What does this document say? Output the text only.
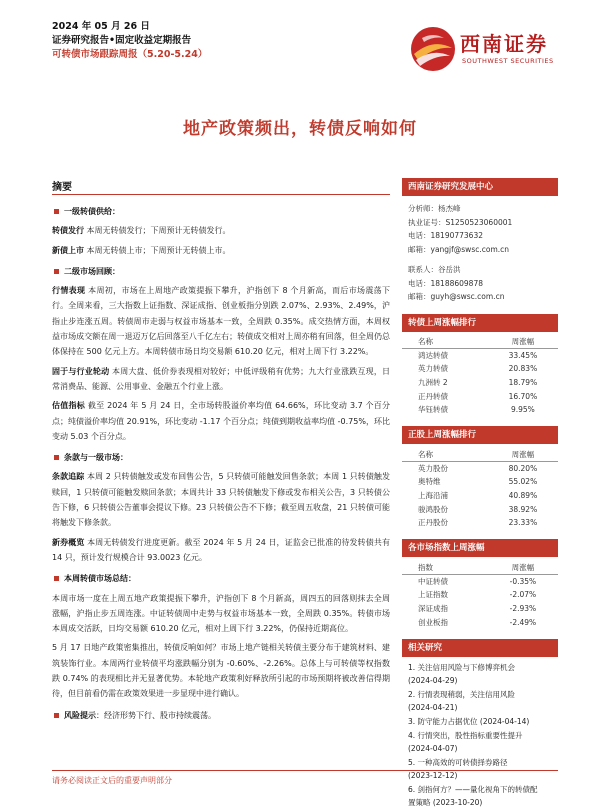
2024 年 05 月 26 日
证券研究报告•固定收益定期报告
可转债市场跟踪周报（5.20-5.24）	西南证券
SOUTHWEST SECURITIES
地产政策频出，转债反响如何
摘要
一级转债供给：
转债发行 本周无转债发行；下周预计无转债发行。
新债上市 本周无转债上市；下周预计无转债上市。
二级市场回顾：
行情表现 本周初，市场在上周地产政策提振下攀升，沪指创下 8 个月新高，而后市场震荡下行。全周来看，三大指数上证指数、深证成指、创业板指分别跌 2.07%、2.93%、2.49%，沪指止步连涨五周。转债周市走弱与权益市场基本一致，全周跌 0.35%。成交热情方面，本周权益市场成交额在周一退迈万亿后回落至八千亿左右；转债成交相对上周亦稍有回落，但全周仍总体保持在 500 亿元上方。本周转债市场日均交易额 610.20 亿元，相对上周下行 3.22%。
固于与行业轮动 本周大盘、低价券表现相对较好；中低评级稍有优势；九大行业涨跌互现，日常消费品、能源、公用事业、金融五个行业上涨。
估值指标 截至 2024 年 5 月 24 日，全市场转股溢价率均值 64.66%，环比变动 3.7 个百分点；纯债溢价率均值 20.91%，环比变动 -1.17 个百分点；纯债到期收益率均值 -0.75%，环比变动 5.03 个百分点。
条款与一级市场：
条款追踪 本周 2 只转债触发或发布回售公告，5 只转债可能触发回售条款；本周 1 只转债触发赎回，1 只转债可能触发赎回条款；本周共计 33 只转债触发下修或发布相关公告，3 只转债公告下修，6 只转债公告董事会提议下修。23 只转债公告不下修；截至周五收盘，21 只转债可能将触发下修条款。
新券概览 本周无转债发行进度更新。截至 2024 年 5 月 24 日，证监会已批准的待发转债共有 14 只，预计发行规模合计 93.0023 亿元。
本周转债市场总结：
本周市场一度在上周五地产政策提振下攀升，沪指创下 8 个月新高，周四五的回落则抹去全周涨幅，沪指止步五周连涨。中证转债周中走势与权益市场基本一致，全周跌 0.35%。转债市场本周成交活跃，日均交易额 610.20 亿元，相对上周下行 3.22%，仍保持近期高位。
5 月 17 日地产政策密集推出，转债反响如何？市场上地产链相关转债主要分布于建筑材料、建筑装饰行业。本周两行业转债平均涨跌幅分别为 -0.60%、-2.26%。总体上与可转债等权指数跌 0.74% 的表现相比并无显著优势。本轮地产政策利好释放所引起的市场预期将被改善信得期待，但目前看仍需在政策效果进一步显现中进行确认。
风险提示：经济形势下行、股市持续震荡。
西南证券研究发展中心
分析师：杨杰峰
执业证号：S1250523060001
电话：18190773632
邮箱：yangjf@swsc.com.cn
联系人：谷岳洪
电话：18188609878
邮箱：guyh@swsc.com.cn
转债上周涨幅排行
名称	周涨幅
鸿达转债	33.45%
英力转债	20.83%
九洲转 2	18.79%
正丹转债	16.70%
华钰转债	9.95%
正股上周涨幅排行
名称	周涨幅
英力股份	80.20%
奥特维	55.02%
上海沿浦	40.89%
骏鸿股份	38.92%
正丹股份	23.33%
各市场指数上周涨幅
指数	周涨幅
中证转债	-0.35%
上证指数	-2.07%
深证成指	-2.93%
创业板指	-2.49%
相关研究
1. 关注信用风险与下修博弈机会
(2024-04-29)
2. 行情表现稍弱，关注信用风险
(2024-04-21)
3. 防守能力占据优位 (2024-04-14)
4. 行情突出，股性指标重要性提升
(2024-04-07)
5. 一种高效的可转债择券路径
(2023-12-12)
6. 剑指何方？——量化视角下的转债配
置策略 (2023-10-20)
请务必阅读正文后的重要声明部分
